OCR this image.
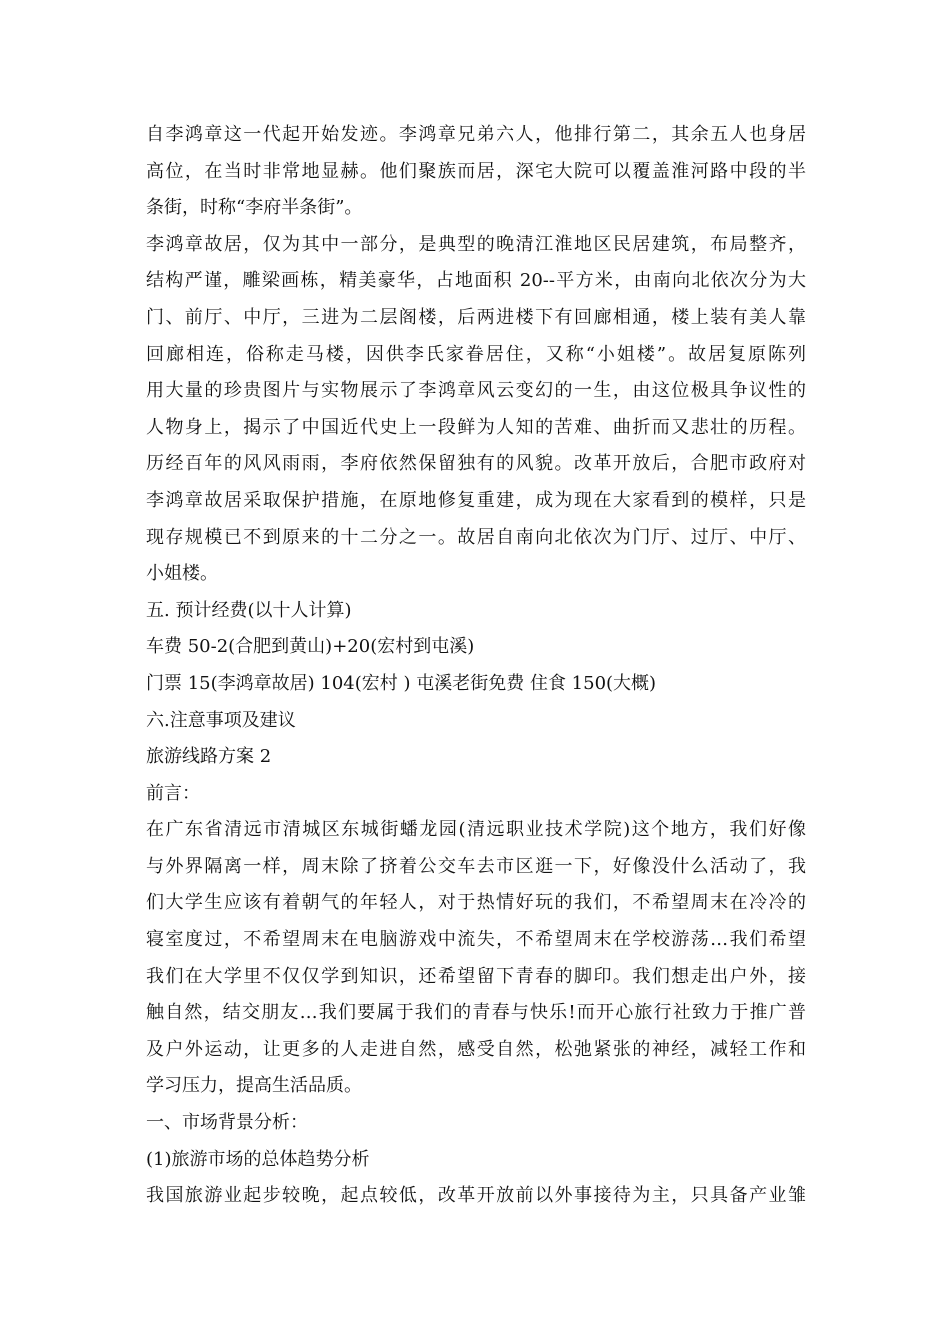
自李鸿章这一代起开始发迹。李鸿章兄弟六人，他排行第二，其余五人也身居
高位，在当时非常地显赫。他们聚族而居，深宅大院可以覆盖淮河路中段的半
条街，时称“李府半条街”。
李鸿章故居，仅为其中一部分，是典型的晚清江淮地区民居建筑，布局整齐，
结构严谨，雕梁画栋，精美豪华，占地面积 20--平方米，由南向北依次分为大
门、前厅、中厅，三进为二层阁楼，后两进楼下有回廊相通，楼上装有美人靠
回廊相连，俗称走马楼，因供李氏家眷居住，又称“小姐楼”。故居复原陈列
用大量的珍贵图片与实物展示了李鸿章风云变幻的一生，由这位极具争议性的
人物身上，揭示了中国近代史上一段鲜为人知的苦难、曲折而又悲壮的历程。
历经百年的风风雨雨，李府依然保留独有的风貌。改革开放后，合肥市政府对
李鸿章故居采取保护措施，在原地修复重建，成为现在大家看到的模样，只是
现存规模已不到原来的十二分之一。故居自南向北依次为门厅、过厅、中厅、
小姐楼。
五. 预计经费(以十人计算)
车费 50-2(合肥到黄山)+20(宏村到屯溪)
门票 15(李鸿章故居) 104(宏村 ) 屯溪老街免费 住食 150(大概)
六.注意事项及建议
旅游线路方案 2
前言：
在广东省清远市清城区东城街蟠龙园(清远职业技术学院)这个地方，我们好像
与外界隔离一样，周末除了挤着公交车去市区逛一下，好像没什么活动了，我
们大学生应该有着朝气的年轻人，对于热情好玩的我们，不希望周末在冷冷的
寝室度过，不希望周末在电脑游戏中流失，不希望周末在学校游荡…我们希望
我们在大学里不仅仅学到知识，还希望留下青春的脚印。我们想走出户外，接
触自然，结交朋友…我们要属于我们的青春与快乐!而开心旅行社致力于推广普
及户外运动，让更多的人走进自然，感受自然，松弛紧张的神经，减轻工作和
学习压力，提高生活品质。
一、市场背景分析：
(1)旅游市场的总体趋势分析
我国旅游业起步较晚，起点较低，改革开放前以外事接待为主，只具备产业雏
